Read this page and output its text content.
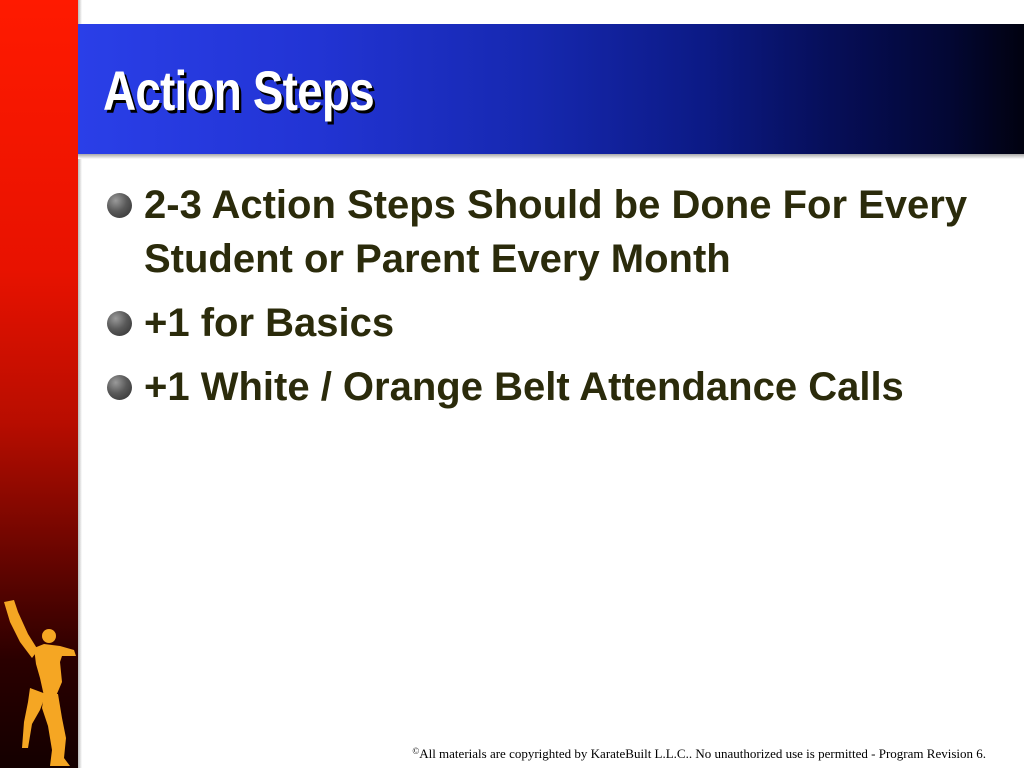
Action Steps
2-3 Action Steps Should be Done For Every Student or Parent Every Month
+1 for Basics
+1 White / Orange Belt Attendance Calls
©All materials are copyrighted by KarateBuilt L.L.C.. No unauthorized use is permitted - Program Revision 6.
